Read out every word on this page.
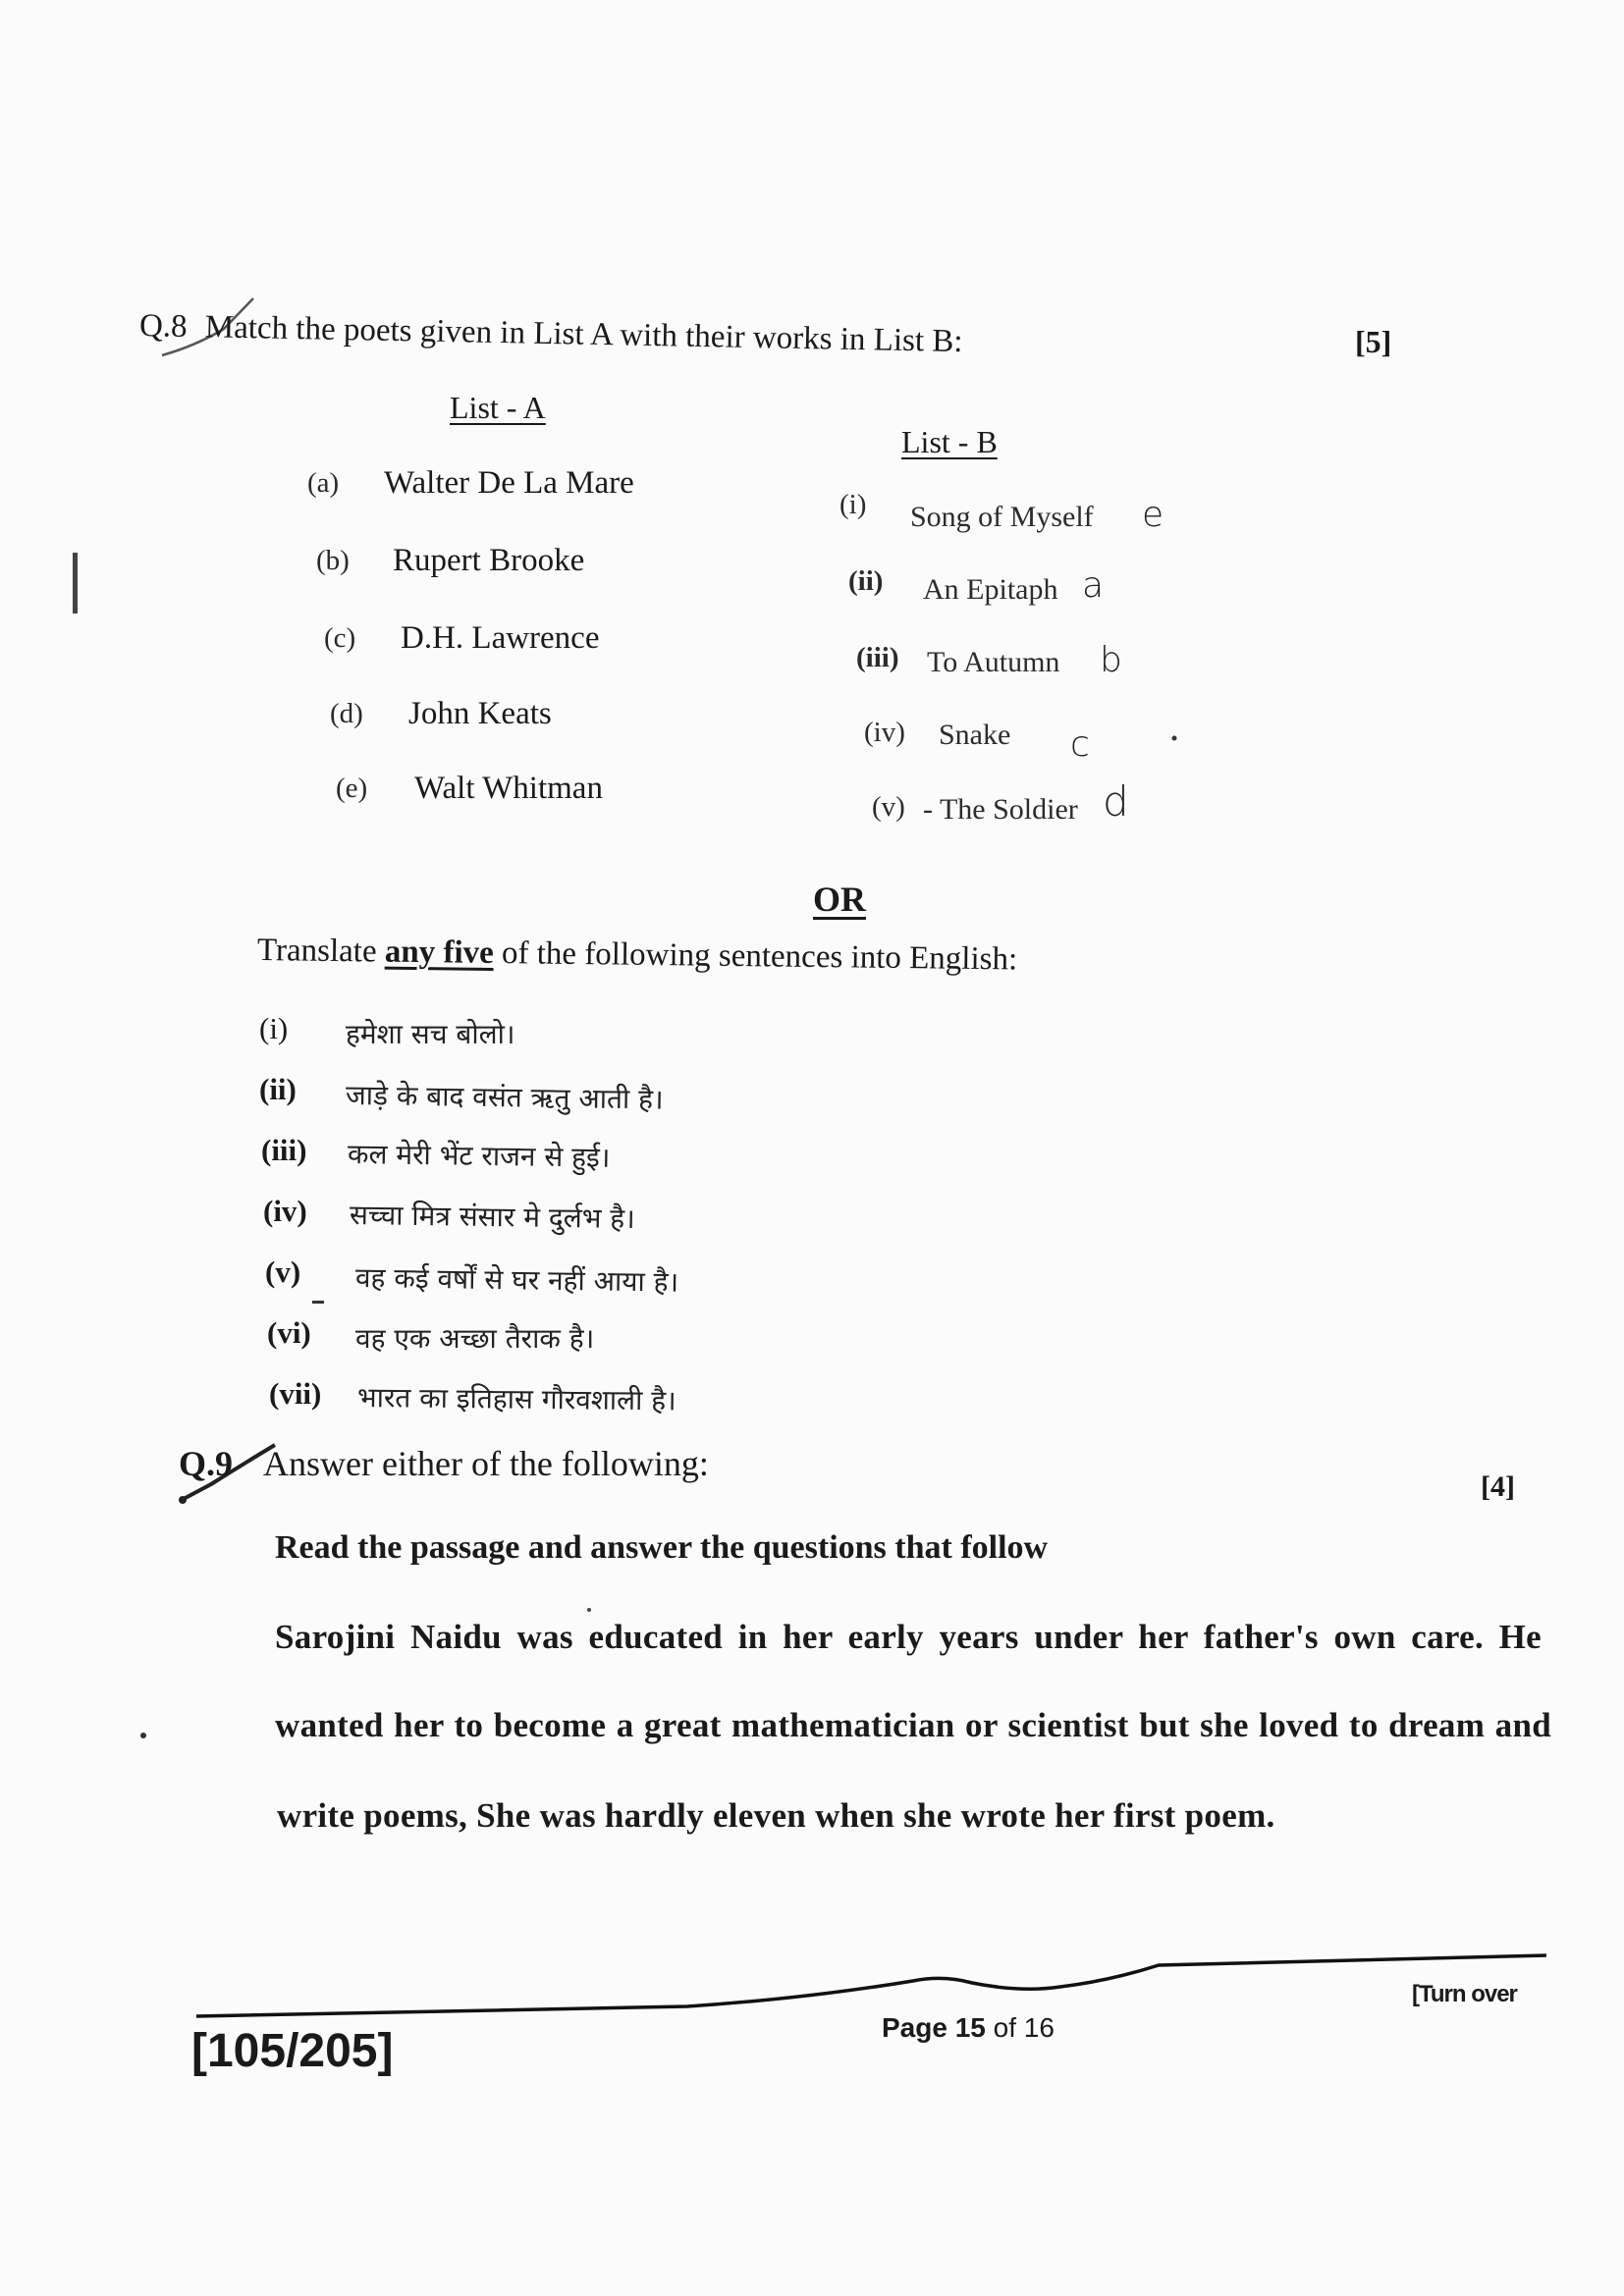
Q.8 Match the poets given in List A with their works in List B:	[5]
List - A
(a) Walter De La Mare
(b) Rupert Brooke
(c) D.H. Lawrence
(d) John Keats
(e) Walt Whitman
List - B
(i) Song of Myself e
(ii) An Epitaph a
(iii) To Autumn b
(iv) Snake c
(v) - The Soldier d
OR
Translate any five of the following sentences into English:
(i) हमेशा सच बोलो।
(ii) जाड़े के बाद वसंत ऋतु आती है।
(iii) कल मेरी भेंट राजन से हुई।
(iv) सच्चा मित्र संसार मे दुर्लभ है।
(v) वह कई वर्षों से घर नहीं आया है।
(vi) वह एक अच्छा तैराक है।
(vii) भारत का इतिहास गौरवशाली है।
Q.9 Answer either of the following:
[4]
Read the passage and answer the questions that follow
Sarojini Naidu was educated in her early years under her father's own care. He
wanted her to become a great mathematician or scientist but she loved to dream and
write poems, She was hardly eleven when she wrote her first poem.
[105/205]	Page 15 of 16
[Turn over
